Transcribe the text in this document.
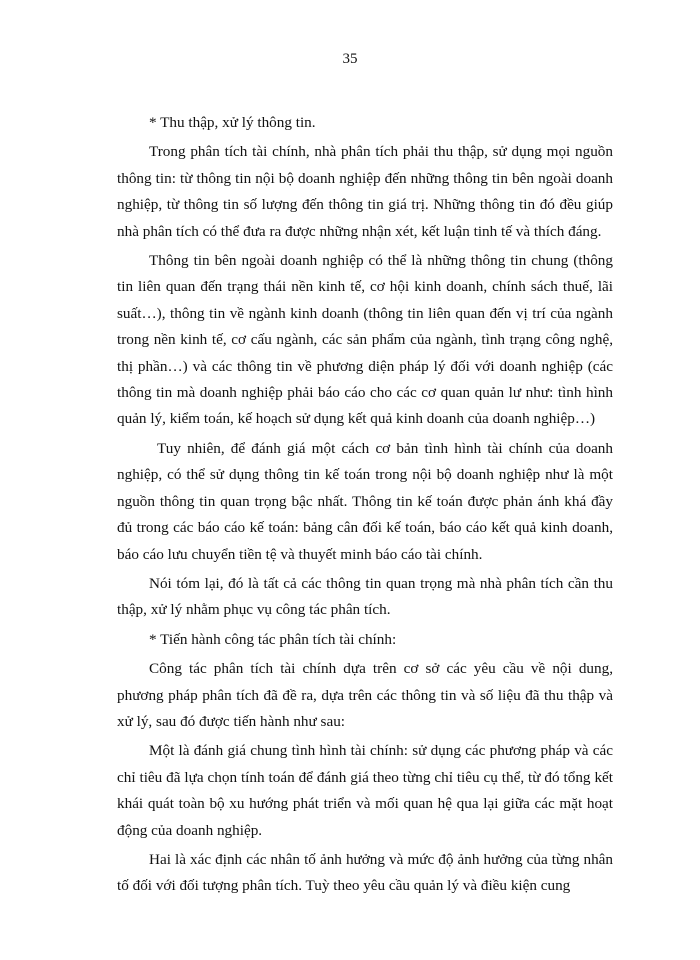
35

* Thu thập, xử lý thông tin.

Trong phân tích tài chính, nhà phân tích phải thu thập, sử dụng mọi nguồn thông tin: từ thông tin nội bộ doanh nghiệp đến những thông tin bên ngoài doanh nghiệp, từ thông tin số lượng đến thông tin giá trị. Những thông tin đó đều giúp nhà phân tích có thể đưa ra được những nhận xét, kết luận tinh tế và thích đáng.

Thông tin bên ngoài doanh nghiệp có thể là những thông tin chung (thông tin liên quan đến trạng thái nền kinh tế, cơ hội kinh doanh, chính sách thuế, lãi suất…), thông tin về ngành kinh doanh (thông tin liên quan đến vị trí của ngành trong nền kinh tế, cơ cấu ngành, các sản phẩm của ngành, tình trạng công nghệ, thị phần…) và các thông tin về phương diện pháp lý đối với doanh nghiệp (các thông tin mà doanh nghiệp phải báo cáo cho các cơ quan quản lư như: tình hình quản lý, kiểm toán, kế hoạch sử dụng kết quả kinh doanh của doanh nghiệp…)

Tuy nhiên, để đánh giá một cách cơ bản tình hình tài chính của doanh nghiệp, có thể sử dụng thông tin kế toán trong nội bộ doanh nghiệp như là một nguồn thông tin quan trọng bậc nhất. Thông tin kế toán được phản ánh khá đầy đủ trong các báo cáo kế toán: bảng cân đối kế toán, báo cáo kết quả kinh doanh, báo cáo lưu chuyển tiền tệ và thuyết minh báo cáo tài chính.

Nói tóm lại, đó là tất cả các thông tin quan trọng mà nhà phân tích cần thu thập, xử lý nhằm phục vụ công tác phân tích.

* Tiến hành công tác phân tích tài chính:

Công tác phân tích tài chính dựa trên cơ sở các yêu cầu về nội dung, phương pháp phân tích đã đề ra, dựa trên các thông tin và số liệu đã thu thập và xử lý, sau đó được tiến hành như sau:

Một là đánh giá chung tình hình tài chính: sử dụng các phương pháp và các chỉ tiêu đã lựa chọn tính toán để đánh giá theo từng chỉ tiêu cụ thể, từ đó tổng kết khái quát toàn bộ xu hướng phát triển và mối quan hệ qua lại giữa các mặt hoạt động của doanh nghiệp.

Hai là xác định các nhân tố ảnh hưởng và mức độ ảnh hưởng của từng nhân tố đối với đối tượng phân tích. Tuỳ theo yêu cầu quản lý và điều kiện cung
